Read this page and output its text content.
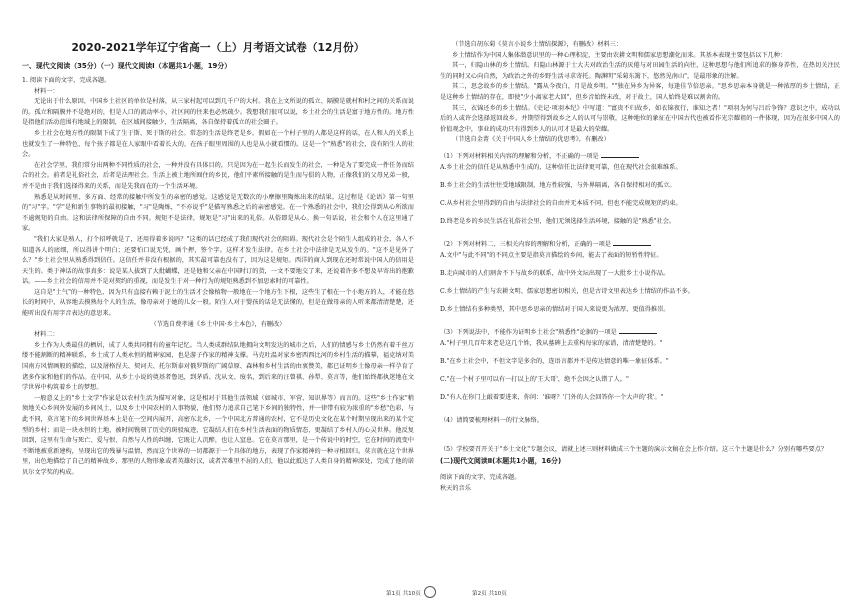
2020-2021学年辽宁省高一（上）月考语文试卷（12月份）
一、现代文阅读（35分）（一）现代文阅读Ⅰ（本题共1小题，19分）
1. 阅读下面的文字，完成各题。
材料一：
无论出于什么原因，中国乡土社区的单位是村落，从三家村起可以到几千户的大村。我在上文所说的孤立、隔膜是就村和村之间的关系而说的。孤立和隔膜并不是绝对的，但是人口的流动率小，社区间的往来也必然疏少。我想我们很可以说，乡土社会的生活是富于地方性的。地方性是指他们活动范围有地域上的限制，在区域间接触少，生活隔离，各自保持着孤立的社会圈子。
乡土社会在地方性的限制下成了生于斯、死于斯的社会。常态的生活是终老是乡。假如在一个村子里的人都是这样的话，在人和人的关系上也就发生了一种特色，每个孩子都是在人家眼中看着长大的，在孩子眼里周围的人也是从小就看惯的。这是一个"熟悉"的社会，没有陌生人的社会。
在社会学里，我们常分出两种不同性质的社会，一种并没有具体目的，只是因为在一起生长而发生的社会，一种是为了要完成一件任务而结合的社会。前者是礼俗社会，后者是法理社会。生活上被土地所囿住的乡民，他们平素所接触的是生而与俱的人物，正像我们的父母兄弟一般，并不是由于我们选择得来的关系，而是先我而在的一个生活环境。
熟悉是从时间里、多方面、经常的接触中所发生的亲密的感觉。这感觉是无数次的小摩擦里陶炼出来的结果。这过程是《论语》第一句里的"习"字。"学"是和新生事物的最初接触，"习"是陶炼，"不亦说乎"是描写熟悉之后的亲密感觉。在一个熟悉的社会中，我们会得到从心所欲而不逾规矩的自由。这和法律所保障的自由不同。规矩不是法律，规矩是"习"出来的礼俗。从俗即是从心。换一句话说，社会和个人在这里通了家。
"我们大家是熟人，打个招呼就是了，还用得着多说吗？"这类的话已经成了我们现代社会的阻碍。现代社会是个陌生人组成的社会，各人不知道各人的底细，所以得讲个明白；还要怕口说无凭，画个押，签个字。这样才发生法律。在乡土社会中法律是无从发生的。"这不是见外了么？"乡土社会里从熟悉得到信任。这信任并非没有根据的，其实最可靠也没有了，因为这是规矩。西洋的商人到现在还时常说中国人的信用是天生的。类于神话的故事真多：说是某人拔到了大批蝴蝶，还是他和父亲在中国时订的货，一文不要地交了来，还说着许多不想及早寄出的抱歉话。——乡土社会的信用并不是对契约的重视，而是发生于对一种行为的规矩熟悉到不加思索时的可靠性。
这自是"土气"的一种特色，因为只有直接有赖于泥土的生活才会像植物一般地在一个地方生下根，这些生了根在一个小地方的人，才能在悠长的时间中，从容地去摸熟每个人的生活，像母亲对于她的儿女一般。陌生人对于婴孩的话是无法懂的，但是在做母亲的人听来都清清楚楚，还能听出没有用字音表达的意思来。
（节选自费孝通《乡土中国·乡土本色》，有删改）
材料二：
乡土作为人类最佳的栖居，成了人类共同拥有的童年记忆。当人类成群结队地拥向文明发达的城市之后，人们的情感与乡土仍然有着千丝万缕不能割断的精神联系，乡土成了人类永恒的精神家园，也是游子作家的精神支撑。马克吐温对家乡密西西比河的乡村生活的描摹，福克纳对美国南方风情画般的描绘，以及屠格涅夫、契诃夫、托尔斯泰对俄罗斯的广阔草原、森林和乡村生活的由衷赞美，都已证明乡土像母亲一样孕育了诸多作家和他们的作品。在中国，从乡土小说的奠基者鲁迅，到茅盾、沈从文、废名，到后来的汪曾祺、孙犁、莫言等，他们始终都执迷地在文学世界中构筑着乡土的梦想。
一般意义上的"乡土文学"作家是以农村生活为描写对象，这是相对于其他生活领域（如城市、军营、知识界等）而言的。这些"乡土作家"稍须地关心乡间外发展的乡间风土，以及乡土中国农村的人事物貌，他们努力追求自己笔下乡间的独特性，并一律带有较为浓重的"乡愁"色彩，与此不同，莫言笔下的乡间世界基本上是在一空间内展开，高密东北乡，一个中国北方普通的农村，它不是历史文化在某个时期呈现出来的某个定型的乡村；而是一块永恒的土地，被时间镌刻了历史的斑驳痕迹，它凝结人们在乡村生活表面的物质情态，更凝结了乡村人的心灵世界。他反复回到，这里有生命与死亡、爱与恨、自然与人性的纠缠，它既让人沉醉，也让人窒息。它在莫言那里，是一个传说中的时空，它在时间的流变中不断地被重新建构，呈现出它的残暴与温情，然而这个世界的一切都源于一个具体的地方，表现了作家精神的一种寻根回归。莫言就在这个世界里，出色地描绘了自己的精神故乡，那里的人物形象或者英雄好汉，或者苦难里不屈的人们，他以此抵达了人类自身的精神深处，完成了他的诺贝尔文学奖的构成。
第1页 共10页
（节选自胡东菊《莫言小说乡土情结探源》，有删改）材料三：
乡土情结作为中国人集体潜意识里的一种心理积淀，主要由农耕文明和儒家思想潮化而来。其基本表现主要包括以下几种：
其一，归隐山林的乡土情结。归隐山林源于士大夫对政治生活的厌倦与对田园生活的向往，这种思想与他们所追求的修身养性，在热切关注民生的同时又心向自然，为政治之外的乡野生活寻求寄托。陶渊明"采菊东篱下，悠然见南山"，是最形象的注解。
其二，思念故乡的乡土情结。"露从今夜白，月是故乡明。""独在异乡为异客，每逢佳节倍思亲。"思乡思亲本身就是一种浓厚的乡土情结，正是这种乡土情结的存在，即使"少小离家老大回"，但乡音始终未改，对于故土，国人始终是难以割舍的。
其三，衣锦还乡的乡土情结。《史记·项羽本纪》中写道："富贵不归故乡，如衣锦夜行，谁知之者！"项羽为何与吕后争锋？意识之中，成功以后的人或许会选择返回故乡，并期望得到故乡之人的认可与崇敬，这种地位的象征在中国古代也被看作光宗耀祖的一件体现，因为在很多中国人的价值观念中，事业的成功只有得到乡人的认可才是最大的荣耀。
（节选自金菁《关于中国人乡土情结的优思考》，有删改）
（1）下列对材料相关内容的理解和分析，不正确的一项是
A.乡土社会的信任是从熟悉中生成的，这种信任比法律更可靠，但在现代社会很难维系。
B.乡土社会的生活往往受地域限制，地方性较强，与外界隔离，各自保持相对的孤立。
C.从乡村社会里得到的自由与法律社会的自由并无本质不同，但也不能完成规矩的约束。
D.终老是乡的乡民生活在礼俗社会里，他们无须选择生活环境，接触的是"熟悉"社会。
（2）下列对材料二、三相关内容的理解和分析，正确的一项是
A.文中"与此不同"的不同点主要是指莫言描绘的乡间，能去了表面的短暂性特征。
B.走向城市的人们割舍不下与故乡的联系，故中外文坛出现了一大批乡土小说作品。
C.乡土情结的产生与农耕文明、儒家思想密切相关，但是古诗文里表达乡土情结的作品不多。
D.乡土情结有多种类型，其中思乡思亲的情结对于国人来说更为浓厚，更值得推崇。
（3）下列说法中，不能作为证明乡土社会"熟悉性"论据的一项是
A."村子里几百年来老是这几个姓，我从墓碑上去重构每家的家谱，清清楚楚的。"
B."在乡土社会中，不但文字是多余的，连语言都并不是传达情意的唯一象征体系。"
C."在一个村子里可以有一打以上的'王大哥'，绝不会因之认错了人。"
D."有人在你门上敲着要进来，你问：'谁呀？'门外的人会回答你一个大声的'我'。"
（4）请简要梳理材料一的行文脉络。
（5）学校要召开关于"乡土文化"专题会议，请就上述三则材料做成三个主题的演示文稿在会上作介绍。这三个主题是什么？分别有哪些要点？
(二)现代文阅读Ⅱ(本题共1小题，16分)
阅读下面的文字，完成各题。
秋天的音乐
第2页 共10页
